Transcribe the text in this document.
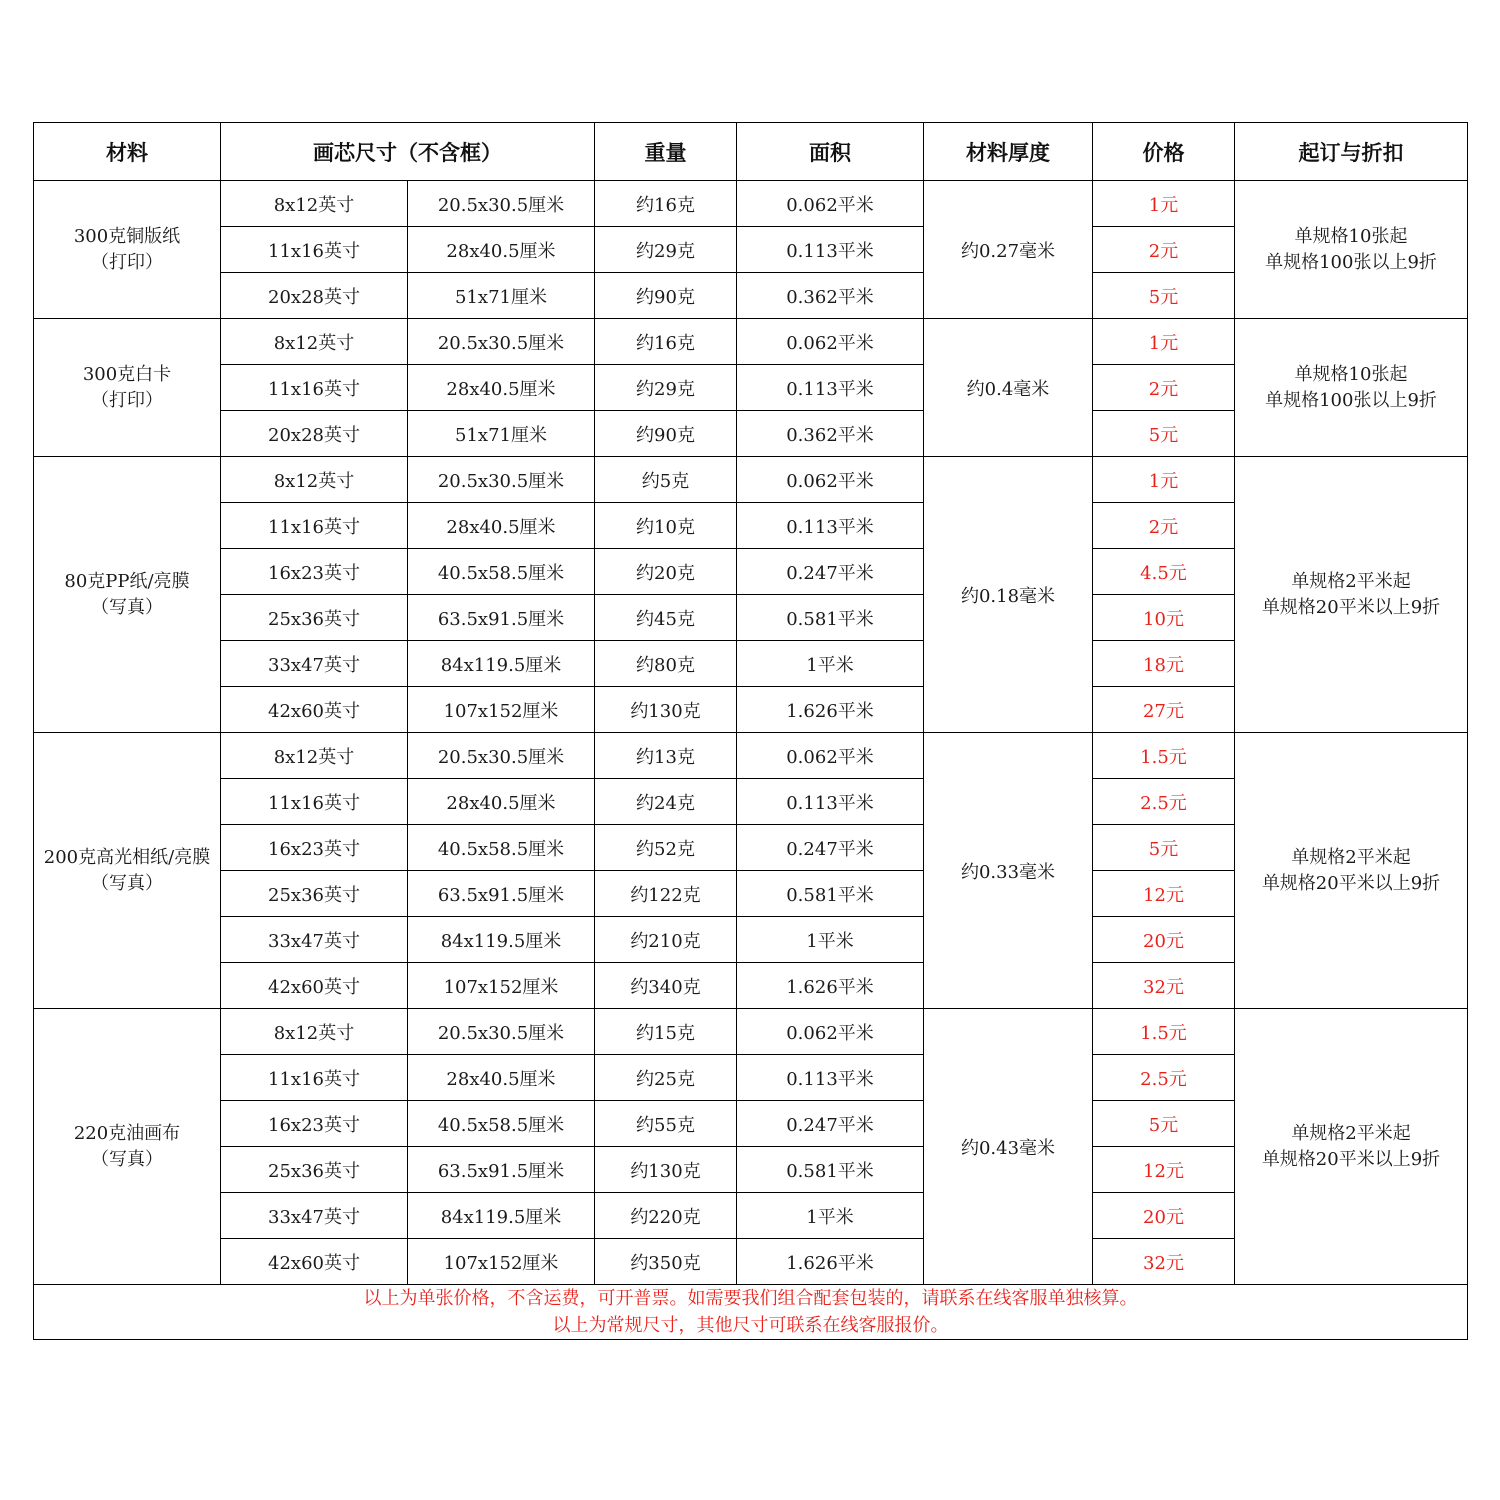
材料	画芯尺寸（不含框）		重量	面积	材料厚度	价格	起订与折扣

300克铜版纸
（打印）	8x12英寸	20.5x30.5厘米	约16克	0.062平米	约0.27毫米	1元	单规格10张起
单规格100张以上9折

	11x16英寸	28x40.5厘米	约29克	0.113平米		2元	
	20x28英寸	51x71厘米	约90克	0.362平米		5元	

300克白卡
（打印）	8x12英寸	20.5x30.5厘米	约16克	0.062平米	约0.4毫米	1元	单规格10张起
单规格100张以上9折

	11x16英寸	28x40.5厘米	约29克	0.113平米		2元	
	20x28英寸	51x71厘米	约90克	0.362平米		5元	

80克PP纸/亮膜
（写真）	8x12英寸	20.5x30.5厘米	约5克	0.062平米	约0.18毫米	1元	单规格2平米起
单规格20平米以上9折

	11x16英寸	28x40.5厘米	约10克	0.113平米		2元	
	16x23英寸	40.5x58.5厘米	约20克	0.247平米		4.5元	
	25x36英寸	63.5x91.5厘米	约45克	0.581平米		10元	
	33x47英寸	84x119.5厘米	约80克	1平米		18元	
	42x60英寸	107x152厘米	约130克	1.626平米		27元	

200克高光相纸/亮膜
（写真）	8x12英寸	20.5x30.5厘米	约13克	0.062平米	约0.33毫米	1.5元	单规格2平米起
单规格20平米以上9折

	11x16英寸	28x40.5厘米	约24克	0.113平米		2.5元	
	16x23英寸	40.5x58.5厘米	约52克	0.247平米		5元	
	25x36英寸	63.5x91.5厘米	约122克	0.581平米		12元	
	33x47英寸	84x119.5厘米	约210克	1平米		20元	
	42x60英寸	107x152厘米	约340克	1.626平米		32元	

220克油画布
（写真）	8x12英寸	20.5x30.5厘米	约15克	0.062平米	约0.43毫米	1.5元	单规格2平米起
单规格20平米以上9折

	11x16英寸	28x40.5厘米	约25克	0.113平米		2.5元	
	16x23英寸	40.5x58.5厘米	约55克	0.247平米		5元	
	25x36英寸	63.5x91.5厘米	约130克	0.581平米		12元	
	33x47英寸	84x119.5厘米	约220克	1平米		20元	
	42x60英寸	107x152厘米	约350克	1.626平米		32元	

以上为单张价格，不含运费，可开普票。如需要我们组合配套包装的，请联系在线客服单独核算。
以上为常规尺寸，其他尺寸可联系在线客服报价。							
